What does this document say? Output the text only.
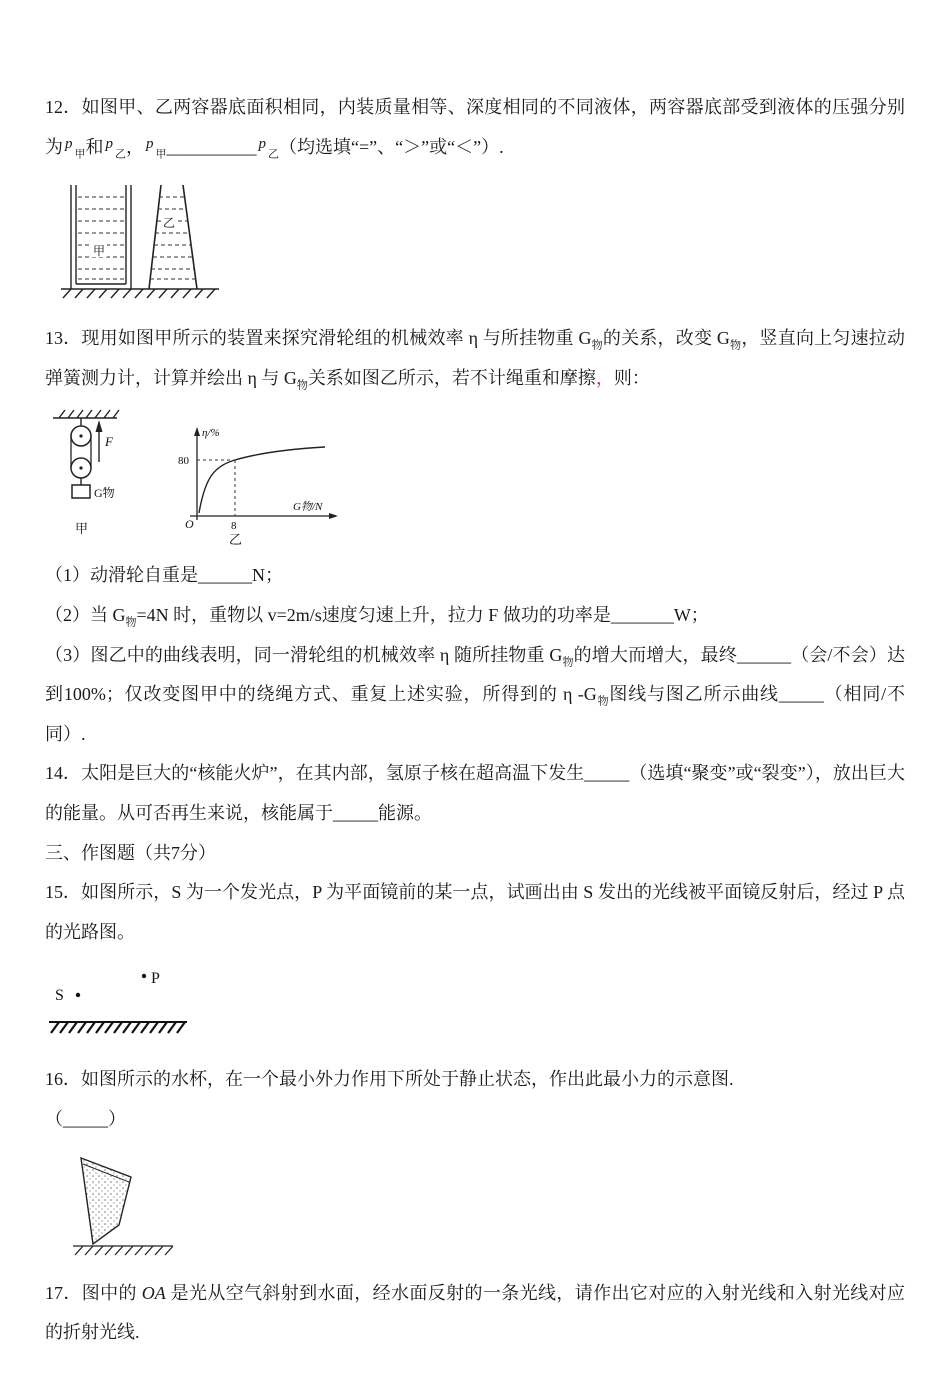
12．如图甲、乙两容器底面积相同，内装质量相等、深度相同的不同液体，两容器底部受到液体的压强分别为 $^p_甲$和 $^p_乙$， $^p_甲$__________ $^p_乙$（均选填“=”、“＞”或“＜”）.

甲
乙

13．现用如图甲所示的装置来探究滑轮组的机械效率 η 与所挂物重 $G_物$的关系，改变 $G_物$，竖直向上匀速拉动弹簧测力计，计算并绘出 η 与 $G_物$关系如图乙所示，若不计绳重和摩擦，则：

F
G物
甲
η/%
80
O	8
G物/N
乙

（1）动滑轮自重是______N；

（2）当 $G_物=4N$ 时，重物以 v=2m/s速度匀速上升，拉力 F 做功的功率是_______W；

（3）图乙中的曲线表明，同一滑轮组的机械效率 η 随所挂物重 $G_物$的增大而增大，最终______（会/不会）达到100%；仅改变图甲中的绕绳方式、重复上述实验，所得到的 η $-G_物$图线与图乙所示曲线_____（相同/不同）.

14．太阳是巨大的“核能火炉”，在其内部，氢原子核在超高温下发生_____（选填“聚变”或“裂变”），放出巨大的能量。从可否再生来说，核能属于_____能源。

三、作图题（共7分）

15．如图所示，S 为一个发光点，P 为平面镜前的某一点，试画出由 S 发出的光线被平面镜反射后，经过 P 点的光路图。

S
P

16．如图所示的水杯，在一个最小外力作用下所处于静止状态，作出此最小力的示意图.

（_____）

17．图中的 OA 是光从空气斜射到水面，经水面反射的一条光线，请作出它对应的入射光线和入射光线对应的折射光线.
